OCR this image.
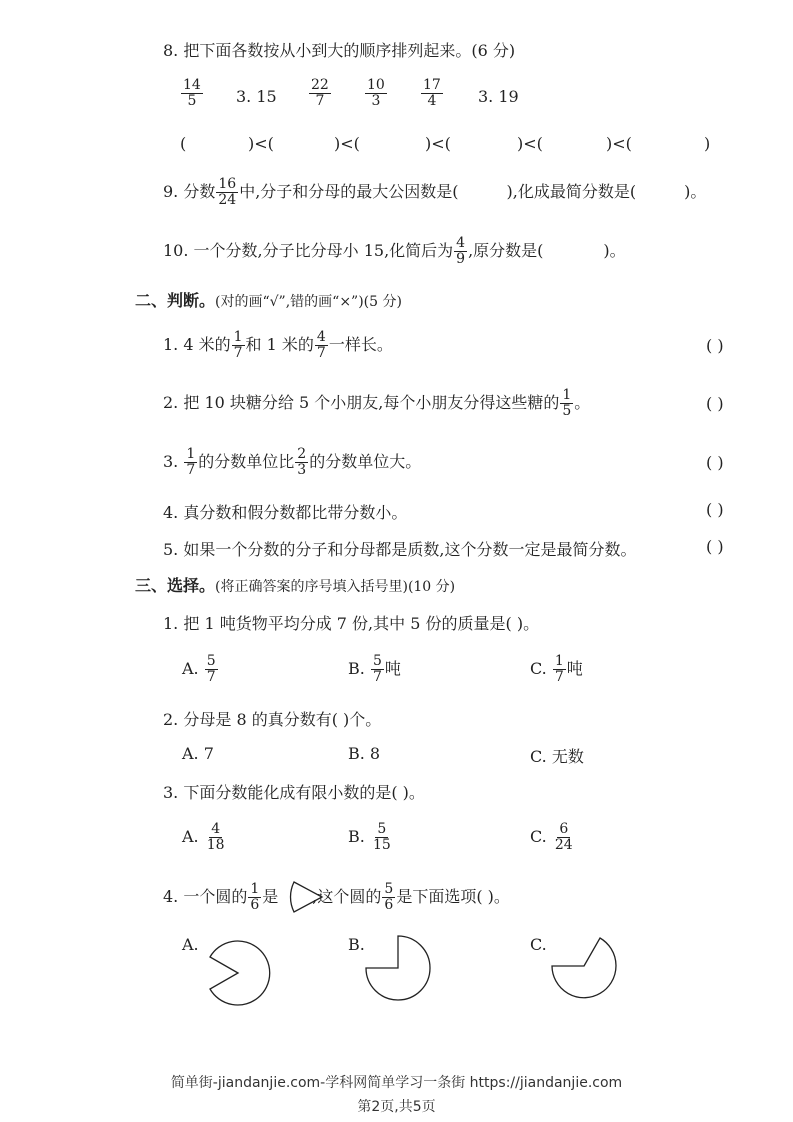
8. 把下面各数按从小到大的顺序排列起来。(6 分)
$\frac{14}{5} 3$. $15 \frac{22}{7} \frac{10}{3} \frac{17}{4} 3$. 19
(	)<(	)<(	)<(	)<(	)<(	)
9. 分数 $\frac{16}{24}$ 中,分子和分母的最大公因数是(	),化成最简分数是(	)。
10. 一个分数,分子比分母小 15,化简后为 $\frac{4}{9}$ ,原分数是(	)。
二、判断。(对的画“√”,错的画“×”)(5 分)
1. 4 米的 $\frac{1}{7}$ 和 1 米的 $\frac{4}{7}$ 一样长。	( )
2. 把 10 块糖分给 5 个小朋友,每个小朋友分得这些糖的 $\frac{1}{5}$ 。	( )
3. $\frac{1}{7}$ 的分数单位比 $\frac{2}{3}$ 的分数单位大。	( )
4. 真分数和假分数都比带分数小。	( )
5. 如果一个分数的分子和分母都是质数,这个分数一定是最简分数。	( )
三、选择。(将正确答案的序号填入括号里)(10 分)
1. 把 1 吨货物平均分成 7 份,其中 5 份的质量是( )。
A. $\frac{5}{7}$	B. $\frac{5}{7}$ 吨	C. $\frac{1}{7}$ 吨
2. 分母是 8 的真分数有( )个。
A. 7	B. 8	C. 无数
3. 下面分数能化成有限小数的是( )。
A. $\frac{4}{18}$	B. $\frac{5}{15}$	C. $\frac{6}{24}$
4. 一个圆的 $\frac{1}{6}$ 是 ,这个圆的 $\frac{5}{6}$ 是下面选项( )。
A.	B.	C.
简单街-jiandanjie.com-学科网简单学习一条街 https://jiandanjie.com
第2页,共5页
